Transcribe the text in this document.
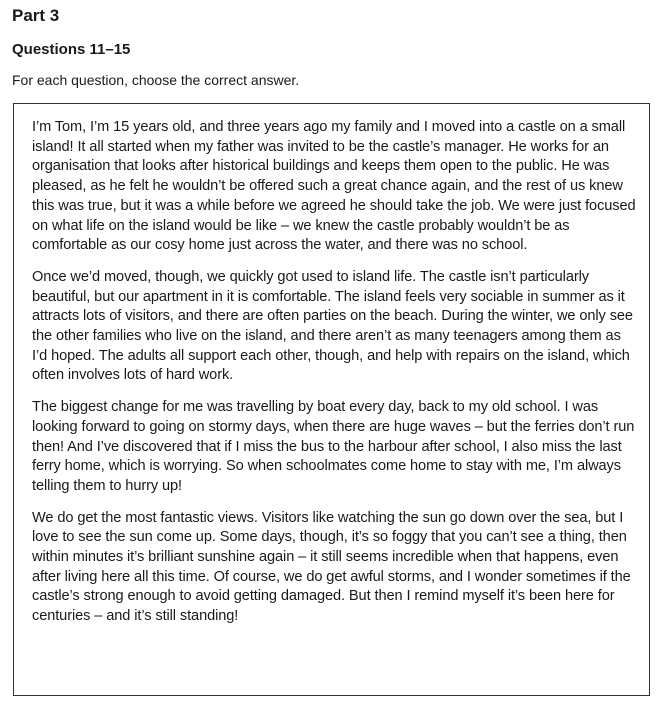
Part 3
Questions 11–15

For each question, choose the correct answer.

I’m Tom, I’m 15 years old, and three years ago my family and I moved into a castle on a small island! It all started when my father was invited to be the castle’s manager. He works for an organisation that looks after historical buildings and keeps them open to the public. He was pleased, as he felt he wouldn’t be offered such a great chance again, and the rest of us knew this was true, but it was a while before we agreed he should take the job. We were just focused on what life on the island would be like – we knew the castle probably wouldn’t be as comfortable as our cosy home just across the water, and there was no school.

Once we’d moved, though, we quickly got used to island life. The castle isn’t particularly beautiful, but our apartment in it is comfortable. The island feels very sociable in summer as it attracts lots of visitors, and there are often parties on the beach. During the winter, we only see the other families who live on the island, and there aren’t as many teenagers among them as I’d hoped. The adults all support each other, though, and help with repairs on the island, which often involves lots of hard work.

The biggest change for me was travelling by boat every day, back to my old school. I was looking forward to going on stormy days, when there are huge waves – but the ferries don’t run then! And I’ve discovered that if I miss the bus to the harbour after school, I also miss the last ferry home, which is worrying. So when schoolmates come home to stay with me, I’m always telling them to hurry up!

We do get the most fantastic views. Visitors like watching the sun go down over the sea, but I love to see the sun come up. Some days, though, it’s so foggy that you can’t see a thing, then within minutes it’s brilliant sunshine again – it still seems incredible when that happens, even after living here all this time. Of course, we do get awful storms, and I wonder sometimes if the castle’s strong enough to avoid getting damaged. But then I remind myself it’s been here for centuries – and it’s still standing!
